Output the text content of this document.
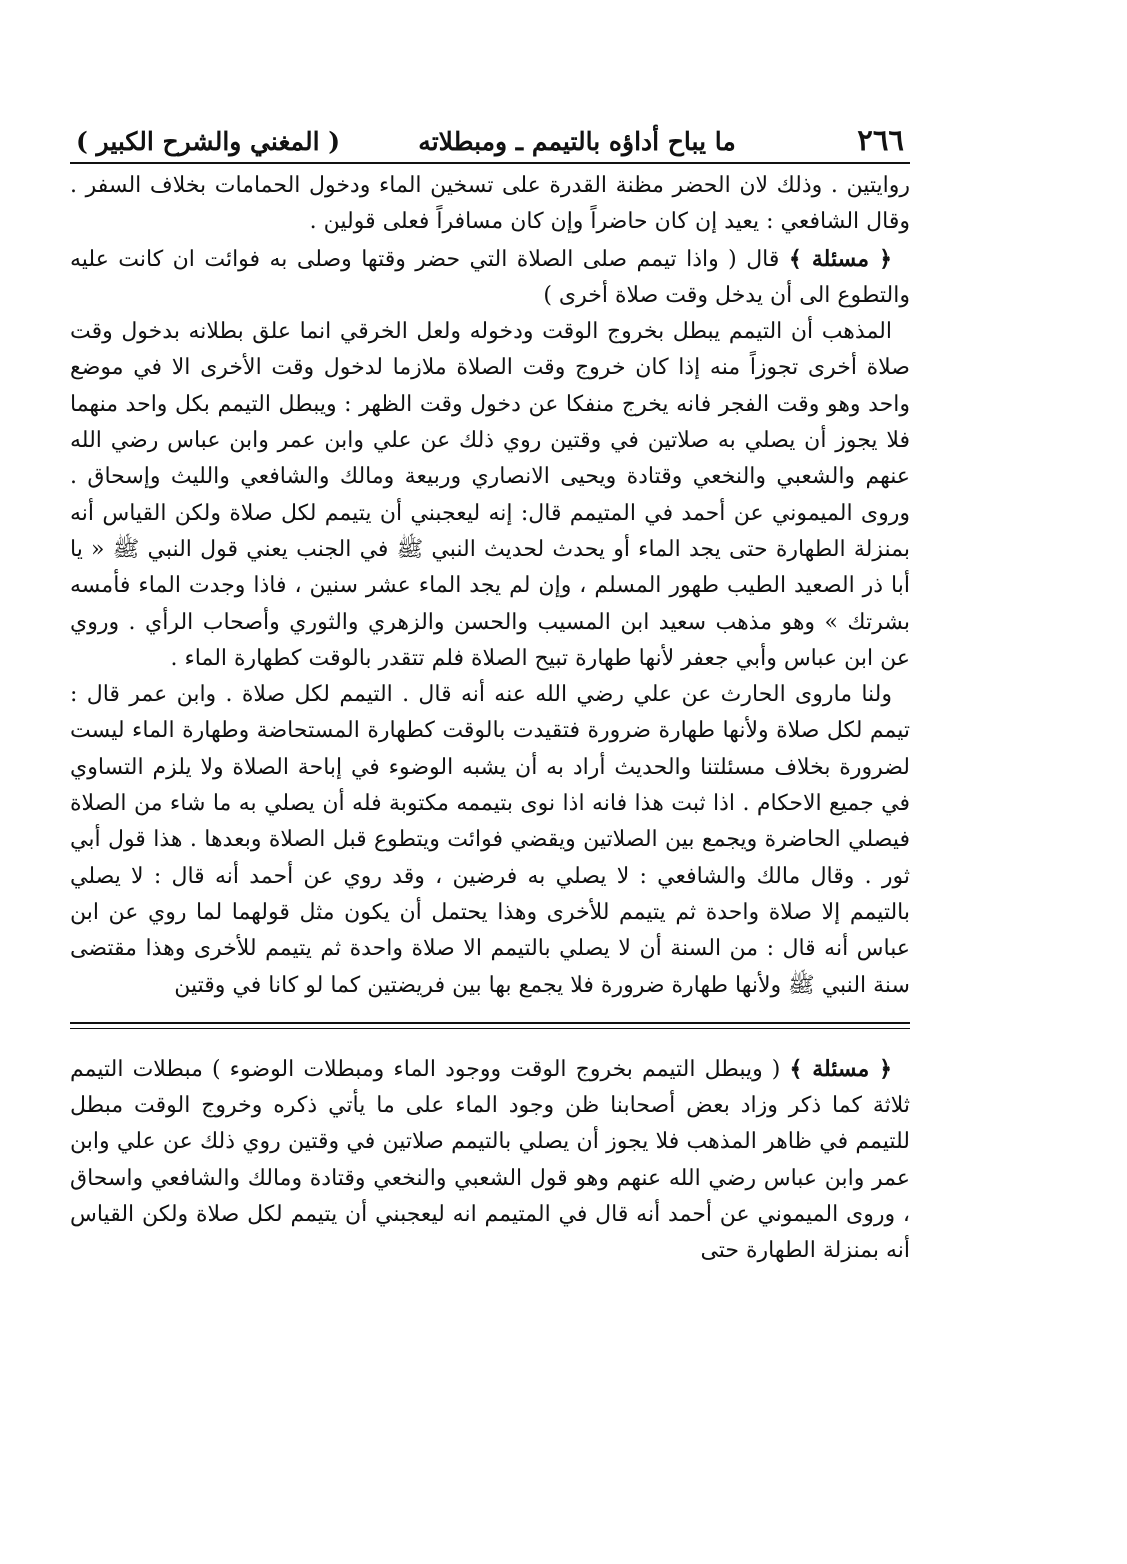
٢٦٦
ما يباح أداؤه بالتيمم ـ ومبطلاته
( المغني والشرح الكبير )

روايتين . وذلك لان الحضر مظنة القدرة على تسخين الماء ودخول الحمامات بخلاف السفر . وقال الشافعي : يعيد إن كان حاضراً وإن كان مسافراً فعلى قولين .

﴿ مسئلة ﴾ قال ( واذا تيمم صلى الصلاة التي حضر وقتها وصلى به فوائت ان كانت عليه والتطوع الى أن يدخل وقت صلاة أخرى )

المذهب أن التيمم يبطل بخروج الوقت ودخوله ولعل الخرقي انما علق بطلانه بدخول وقت صلاة أخرى تجوزاً منه إذا كان خروج وقت الصلاة ملازما لدخول وقت الأخرى الا في موضع واحد وهو وقت الفجر فانه يخرج منفكا عن دخول وقت الظهر : ويبطل التيمم بكل واحد منهما فلا يجوز أن يصلي به صلاتين في وقتين روي ذلك عن علي وابن عمر وابن عباس رضي الله عنهم والشعبي والنخعي وقتادة ويحيى الانصاري وربيعة ومالك والشافعي والليث وإسحاق . وروى الميموني عن أحمد في المتيمم قال: إنه ليعجبني أن يتيمم لكل صلاة ولكن القياس أنه بمنزلة الطهارة حتى يجد الماء أو يحدث لحديث النبي ﷺ في الجنب يعني قول النبي ﷺ « يا أبا ذر الصعيد الطيب طهور المسلم ، وإن لم يجد الماء عشر سنين ، فاذا وجدت الماء فأمسه بشرتك » وهو مذهب سعيد ابن المسيب والحسن والزهري والثوري وأصحاب الرأي . وروي عن ابن عباس وأبي جعفر لأنها طهارة تبيح الصلاة فلم تتقدر بالوقت كطهارة الماء .

ولنا ماروى الحارث عن علي رضي الله عنه أنه قال . التيمم لكل صلاة . وابن عمر قال : تيمم لكل صلاة ولأنها طهارة ضرورة فتقيدت بالوقت كطهارة المستحاضة وطهارة الماء ليست لضرورة بخلاف مسئلتنا والحديث أراد به أن يشبه الوضوء في إباحة الصلاة ولا يلزم التساوي في جميع الاحكام . اذا ثبت هذا فانه اذا نوى بتيممه مكتوبة فله أن يصلي به ما شاء من الصلاة فيصلي الحاضرة ويجمع بين الصلاتين ويقضي فوائت ويتطوع قبل الصلاة وبعدها . هذا قول أبي ثور . وقال مالك والشافعي : لا يصلي به فرضين ، وقد روي عن أحمد أنه قال : لا يصلي بالتيمم إلا صلاة واحدة ثم يتيمم للأخرى وهذا يحتمل أن يكون مثل قولهما لما روي عن ابن عباس أنه قال : من السنة أن لا يصلي بالتيمم الا صلاة واحدة ثم يتيمم للأخرى وهذا مقتضى سنة النبي ﷺ ولأنها طهارة ضرورة فلا يجمع بها بين فريضتين كما لو كانا في وقتين

﴿ مسئلة ﴾ ( ويبطل التيمم بخروج الوقت ووجود الماء ومبطلات الوضوء ) مبطلات التيمم ثلاثة كما ذكر وزاد بعض أصحابنا ظن وجود الماء على ما يأتي ذكره وخروج الوقت مبطل للتيمم في ظاهر المذهب فلا يجوز أن يصلي بالتيمم صلاتين في وقتين روي ذلك عن علي وابن عمر وابن عباس رضي الله عنهم وهو قول الشعبي والنخعي وقتادة ومالك والشافعي واسحاق ، وروى الميموني عن أحمد أنه قال في المتيمم انه ليعجبني أن يتيمم لكل صلاة ولكن القياس أنه بمنزلة الطهارة حتى
